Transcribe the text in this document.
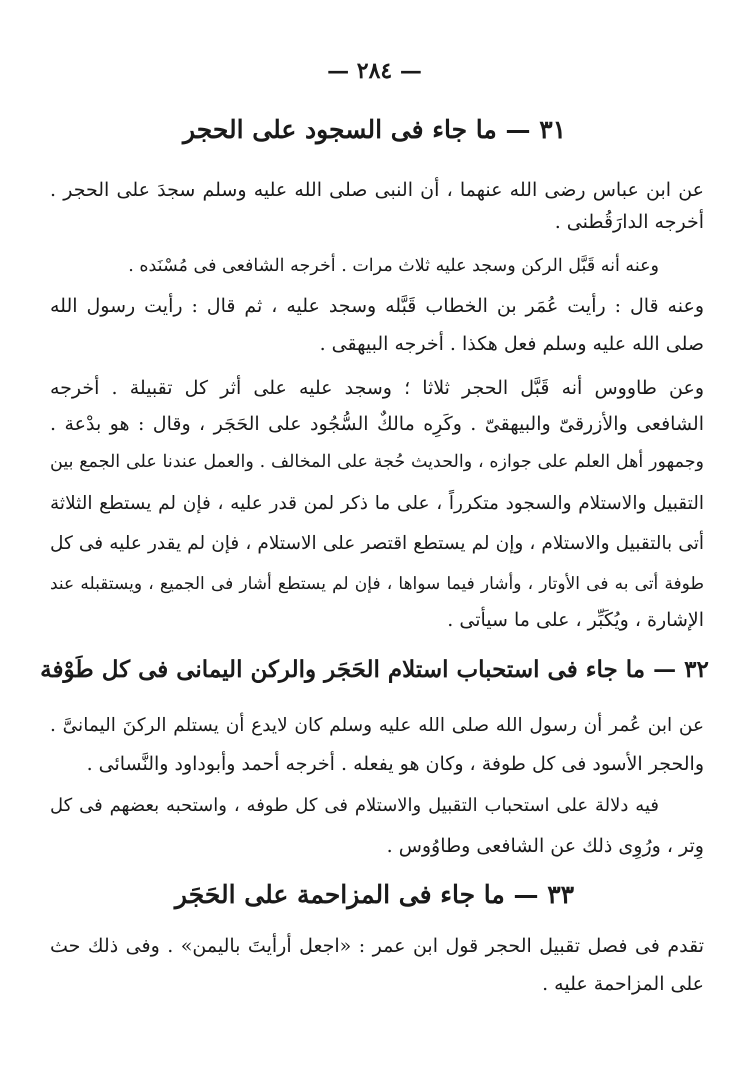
— ٢٨٤ —
٣١ — ما جاء فى السجود على الحجر
عن ابن عباس رضى الله عنهما ، أن النبى صلى الله عليه وسلم سجدَ على الحجر .
أخرجه الدارَقُطنى .
وعنه أنه قَبَّل الركن وسجد عليه ثلاث مرات . أخرجه الشافعى فى مُسْنَده .
وعنه قال : رأيت عُمَر بن الخطاب قَبَّله وسجد عليه ، ثم قال : رأيت رسول الله
صلى الله عليه وسلم فعل هكذا . أخرجه البيهقى .
وعن طاووس أنه قَبَّل الحجر ثلاثا ؛ وسجد عليه على أثر كل تقبيلة . أخرجه
الشافعى والأزرقىّ والبيهقىّ . وكَرِه مالكٌ السُّجُود على الحَجَر ، وقال : هو بدْعة .
وجمهور أهل العلم على جوازه ، والحديث حُجة على المخالف . والعمل عندنا على الجمع بين
التقبيل والاستلام والسجود متكرراً ، على ما ذكر لمن قدر عليه ، فإن لم يستطع الثلاثة
أتى بالتقبيل والاستلام ، وإن لم يستطع اقتصر على الاستلام ، فإن لم يقدر عليه فى كل
طوفة أتى به فى الأوتار ، وأشار فيما سواها ، فإن لم يستطع أشار فى الجميع ، ويستقبله عند
الإشارة ، ويُكَبِّر ، على ما سيأتى .
٣٢ — ما جاء فى استحباب استلام الحَجَر والركن اليمانى فى كل طَوْفة
عن ابن عُمر أن رسول الله صلى الله عليه وسلم كان لايدع أن يستلم الركنَ اليمانىَّ .
والحجر الأسود فى كل طوفة ، وكان هو يفعله . أخرجه أحمد وأبوداود والنَّسائى .
فيه دلالة على استحباب التقبيل والاستلام فى كل طوفه ، واستحبه بعضهم فى كل
وِتر ، ورُوِى ذلك عن الشافعى وطاوُوس .
٣٣ — ما جاء فى المزاحمة على الحَجَر
تقدم فى فصل تقبيل الحجر قول ابن عمر : «اجعل أرأيتَ باليمن» . وفى ذلك حث
على المزاحمة عليه .
